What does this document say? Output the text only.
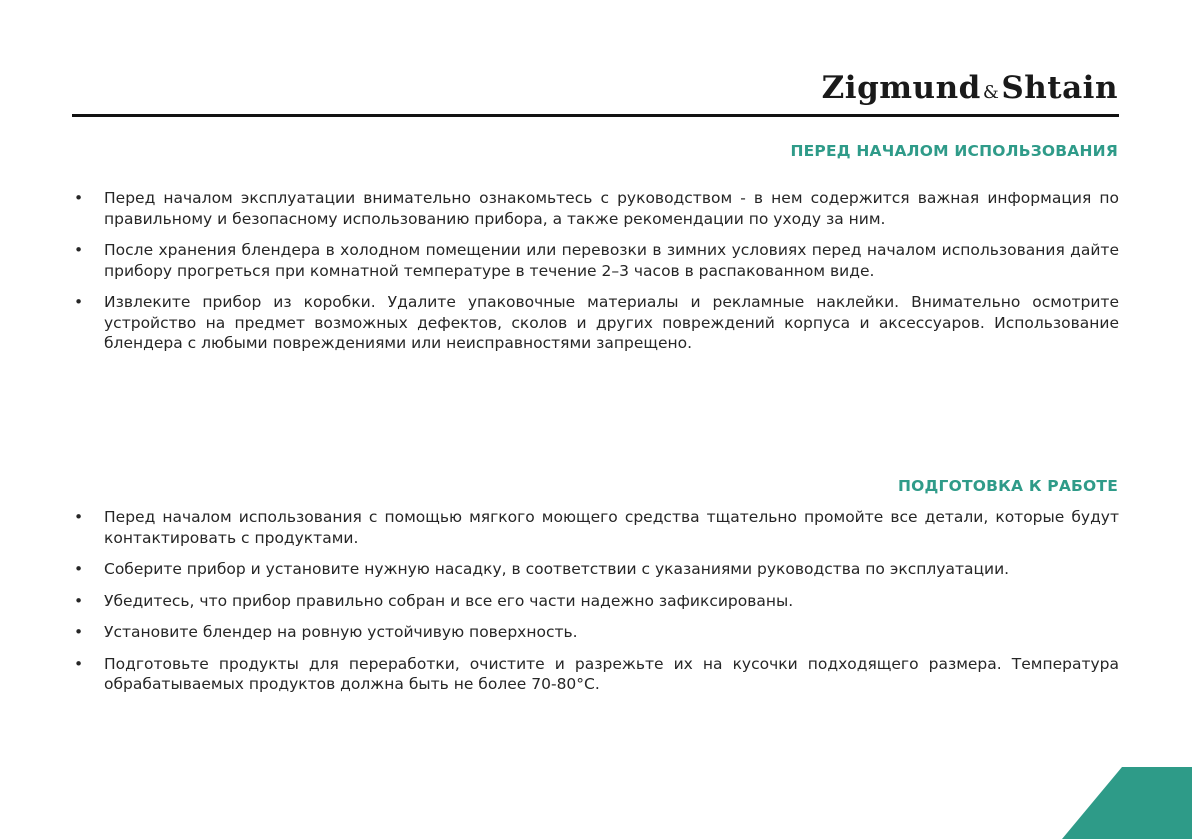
Zigmund &Shtain
ПЕРЕД НАЧАЛОМ ИСПОЛЬЗОВАНИЯ
• Перед началом эксплуатации внимательно ознакомьтесь с руководством - в нем содержится важная информация по правильному и безопасному использованию прибора, а также рекомендации по уходу за ним.
• После хранения блендера в холодном помещении или перевозки в зимних условиях перед началом использования дайте прибору прогреться при комнатной температуре в течение 2–3 часов в распакованном виде.
• Извлеките прибор из коробки. Удалите упаковочные материалы и рекламные наклейки. Внимательно осмотрите устройство на предмет возможных дефектов, сколов и других повреждений корпуса и аксессуаров. Использование блендера с любыми повреждениями или неисправностями запрещено.
ПОДГОТОВКА К РАБОТЕ
• Перед началом использования с помощью мягкого моющего средства тщательно промойте все детали, которые будут контактировать с продуктами.
• Соберите прибор и установите нужную насадку, в соответствии с указаниями руководства по эксплуатации.
• Убедитесь, что прибор правильно собран и все его части надежно зафиксированы.
• Установите блендер на ровную устойчивую поверхность.
• Подготовьте продукты для переработки, очистите и разрежьте их на кусочки подходящего размера. Температура обрабатываемых продуктов должна быть не более 70-80°С.
